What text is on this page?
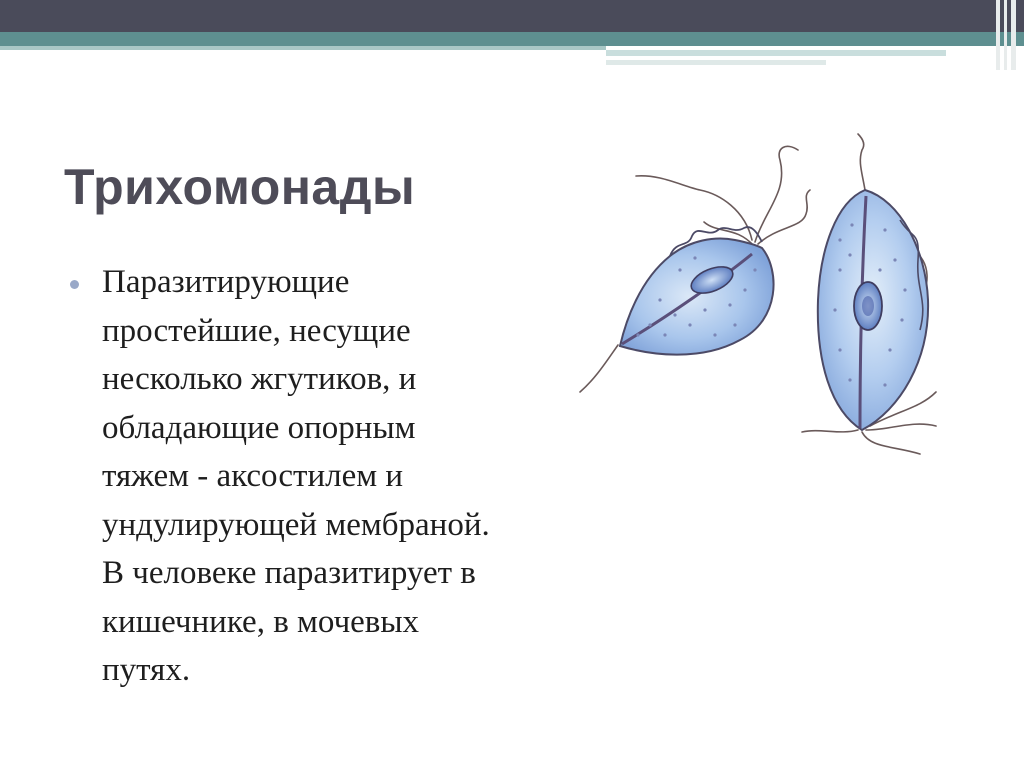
Трихомонады
Паразитирующие
простейшие, несущие
несколько жгутиков, и
обладающие опорным
тяжем - аксостилем и
ундулирующей мембраной.
В человеке паразитирует в
кишечнике, в мочевых
путях.
